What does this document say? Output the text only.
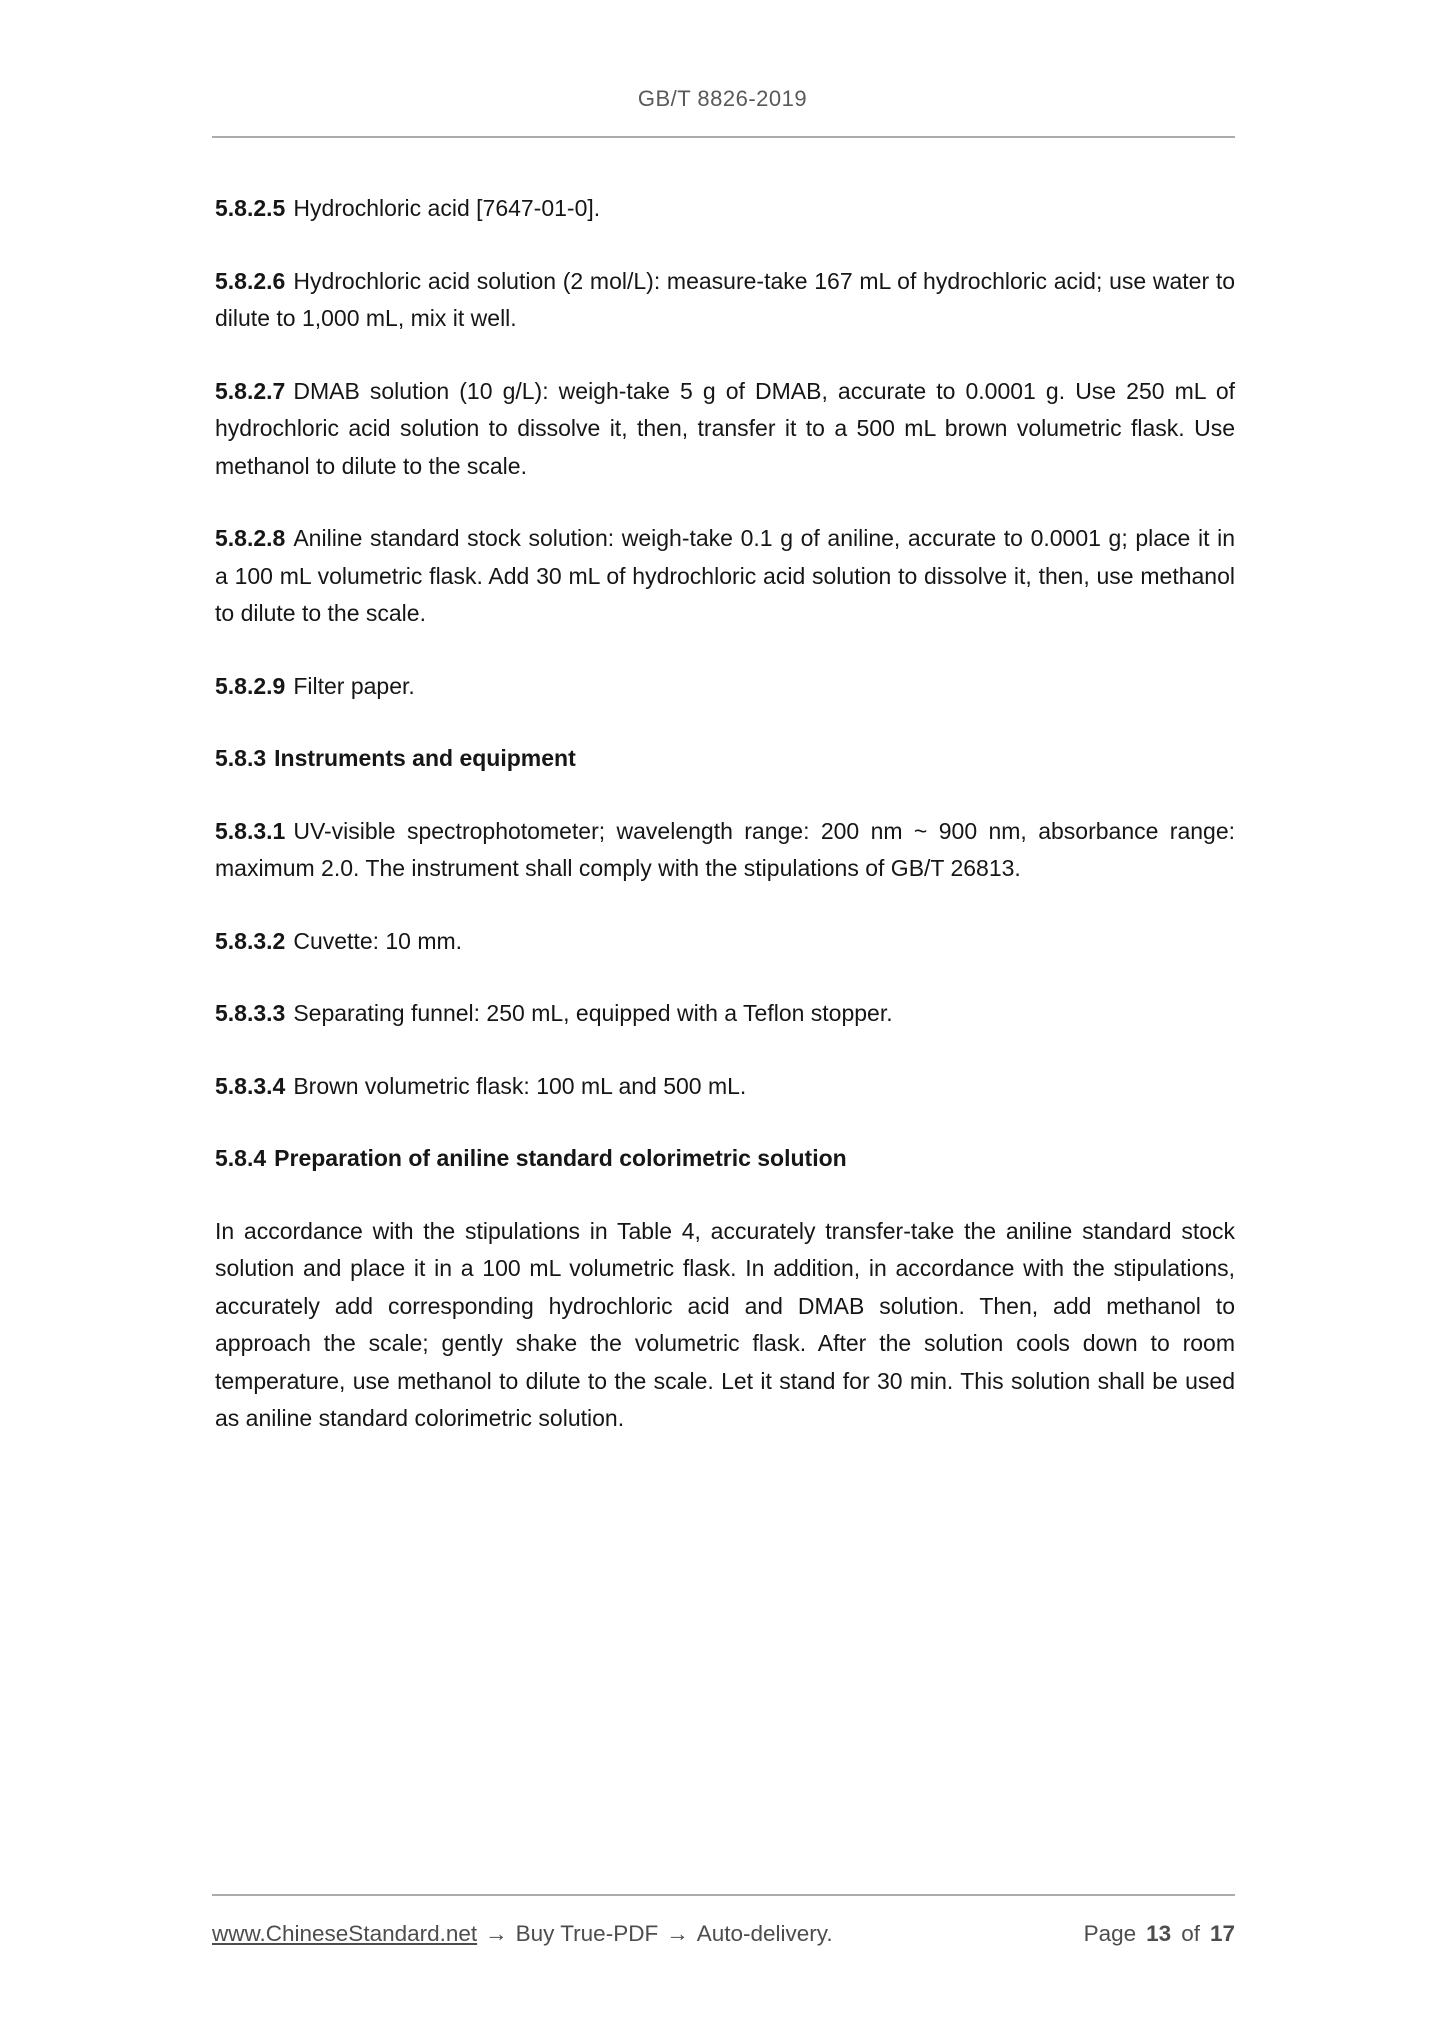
GB/T 8826-2019

5.8.2.5 Hydrochloric acid [7647-01-0].

5.8.2.6 Hydrochloric acid solution (2 mol/L): measure-take 167 mL of hydrochloric acid; use water to dilute to 1,000 mL, mix it well.

5.8.2.7 DMAB solution (10 g/L): weigh-take 5 g of DMAB, accurate to 0.0001 g. Use 250 mL of hydrochloric acid solution to dissolve it, then, transfer it to a 500 mL brown volumetric flask. Use methanol to dilute to the scale.

5.8.2.8 Aniline standard stock solution: weigh-take 0.1 g of aniline, accurate to 0.0001 g; place it in a 100 mL volumetric flask. Add 30 mL of hydrochloric acid solution to dissolve it, then, use methanol to dilute to the scale.

5.8.2.9 Filter paper.

5.8.3 Instruments and equipment

5.8.3.1 UV-visible spectrophotometer; wavelength range: 200 nm ~ 900 nm, absorbance range: maximum 2.0. The instrument shall comply with the stipulations of GB/T 26813.

5.8.3.2 Cuvette: 10 mm.

5.8.3.3 Separating funnel: 250 mL, equipped with a Teflon stopper.

5.8.3.4 Brown volumetric flask: 100 mL and 500 mL.

5.8.4 Preparation of aniline standard colorimetric solution

In accordance with the stipulations in Table 4, accurately transfer-take the aniline standard stock solution and place it in a 100 mL volumetric flask. In addition, in accordance with the stipulations, accurately add corresponding hydrochloric acid and DMAB solution. Then, add methanol to approach the scale; gently shake the volumetric flask. After the solution cools down to room temperature, use methanol to dilute to the scale. Let it stand for 30 min. This solution shall be used as aniline standard colorimetric solution.

www.ChineseStandard.net → Buy True-PDF → Auto-delivery.	Page 13 of 17
